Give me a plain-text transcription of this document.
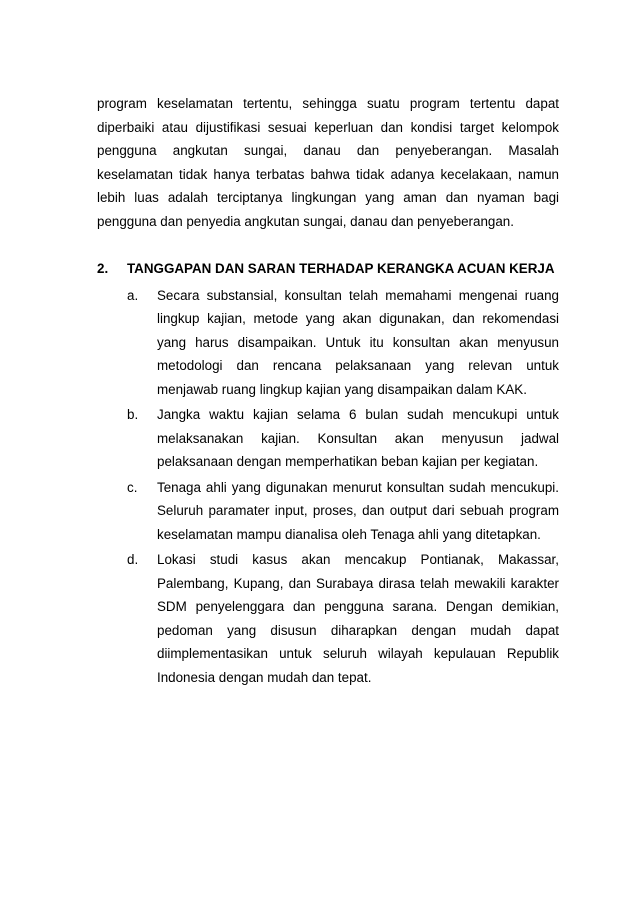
program keselamatan tertentu, sehingga suatu program tertentu dapat diperbaiki atau dijustifikasi sesuai keperluan dan kondisi target kelompok pengguna angkutan sungai, danau dan penyeberangan. Masalah keselamatan tidak hanya terbatas bahwa tidak adanya kecelakaan, namun lebih luas adalah terciptanya lingkungan yang aman dan nyaman bagi pengguna dan penyedia angkutan sungai, danau dan penyeberangan.

2.	TANGGAPAN DAN SARAN TERHADAP KERANGKA ACUAN KERJA
a.	Secara substansial, konsultan telah memahami mengenai ruang lingkup kajian, metode yang akan digunakan, dan rekomendasi yang harus disampaikan. Untuk itu konsultan akan menyusun metodologi dan rencana pelaksanaan yang relevan untuk menjawab ruang lingkup kajian yang disampaikan dalam KAK.
b.	Jangka waktu kajian selama 6 bulan sudah mencukupi untuk melaksanakan kajian. Konsultan akan menyusun jadwal pelaksanaan dengan memperhatikan beban kajian per kegiatan.
c.	Tenaga ahli yang digunakan menurut konsultan sudah mencukupi. Seluruh paramater input, proses, dan output dari sebuah program keselamatan mampu dianalisa oleh Tenaga ahli yang ditetapkan.
d.	Lokasi studi kasus akan mencakup Pontianak, Makassar, Palembang, Kupang, dan Surabaya dirasa telah mewakili karakter SDM penyelenggara dan pengguna sarana. Dengan demikian, pedoman yang disusun diharapkan dengan mudah dapat diimplementasikan untuk seluruh wilayah kepulauan Republik Indonesia dengan mudah dan tepat.
